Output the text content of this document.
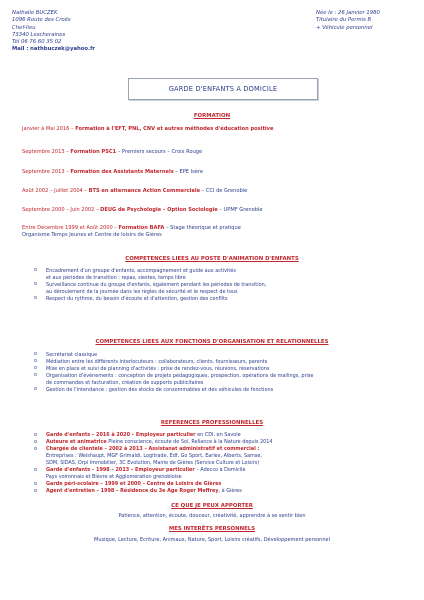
Nathalie BUCZEK
1096 Route des Croës
Chef-lieu
73340 Lescheraines
Tél 06 76 60 35 02
Mail : nathbuczek@yahoo.fr
Née le : 26 Janvier 1980
Titulaire du Permis B
+ Véhicule personnel
GARDE D'ENFANTS A DOMICILE
FORMATION
Janvier à Mai 2016 – Formation à l'EFT, PNL, CNV et autres méthodes d'éducation positive
Septembre 2013 – Formation PSC1 – Premiers secours – Croix Rouge
Septembre 2013 – Formation des Assistants Maternels – EPE Isère
Août 2002 – Juillet 2004 – BTS en alternance Action Commerciale – CCI de Grenoble
Septembre 2000 – Juin 2002 – DEUG de Psychologie – Option Sociologie – UPMF Grenoble
Entre Décembre 1999 et Août 2000 – Formation BAFA – Stage théorique et pratique
Organisme Temps Jeunes et Centre de loisirs de Gières
COMPETENCES LIEES AU POSTE D'ANIMATION D'ENFANTS
o Encadrement d'un groupe d'enfants, accompagnement et guide aux activités
et aux périodes de transition : repas, siestes, temps libre
o Surveillance continue du groupe d'enfants, également pendant les périodes de transition,
au déroulement de la journée dans les règles de sécurité et le respect de tous
o Respect du rythme, du besoin d'écoute et d'attention, gestion des conflits
COMPETENCES LIEES AUX FONCTIONS D'ORGANISATION ET RELATIONNELLES
o Secrétariat classique
o Médiation entre les différents interlocuteurs : collaborateurs, clients, fournisseurs, parents
o Mise en place et suivi de planning d'activités : prise de rendez-vous, réunions, réservations
o Organisation d'évènements : conception de projets pédagogiques, prospection, opérations de mailings, prise
de commandes et facturation, création de supports publicitaires
o Gestion de l'intendance : gestion des stocks de consommables et des véhicules de fonctions
REFERENCES PROFESSIONNELLES
o Garde d'enfants – 2016 à 2020 – Employeur particulier en CDI, en Savoie
o Auteure et animatrice Pleine conscience, écoute de Soi, Reliance à la Nature depuis 2014
o Chargée de clientèle – 2002 à 2013 – Assistanat administratif et commercial :
Entreprises : Weishaupt, MGF Grimaldi, Logitrade, Edf, Go Sport, Earlex, Alberts, Samse,
SDM, SIDAS, Orpi Immobilier, 3C Evolution, Mairie de Gières (Service Culture et Loisirs)
o Garde d'enfants – 1998 – 2013 – Employeur particulier – Adecco à Domicile
Pays voironnais et Bièvre et Agglomération grenobloise
o Garde péri-scolaire – 1999 et 2000 – Centre de Loisirs de Gières
o Agent d'entretien – 1998 – Résidence du 3e Age Roger Meffrey, à Gières
CE QUE JE PEUX APPORTER
Patience, attention, écoute, douceur, créativité, apprendre à se sentir bien
MES INTERÊTS PERSONNELS
Musique, Lecture, Ecriture, Animaux, Nature, Sport, Loisirs créatifs, Développement personnel
